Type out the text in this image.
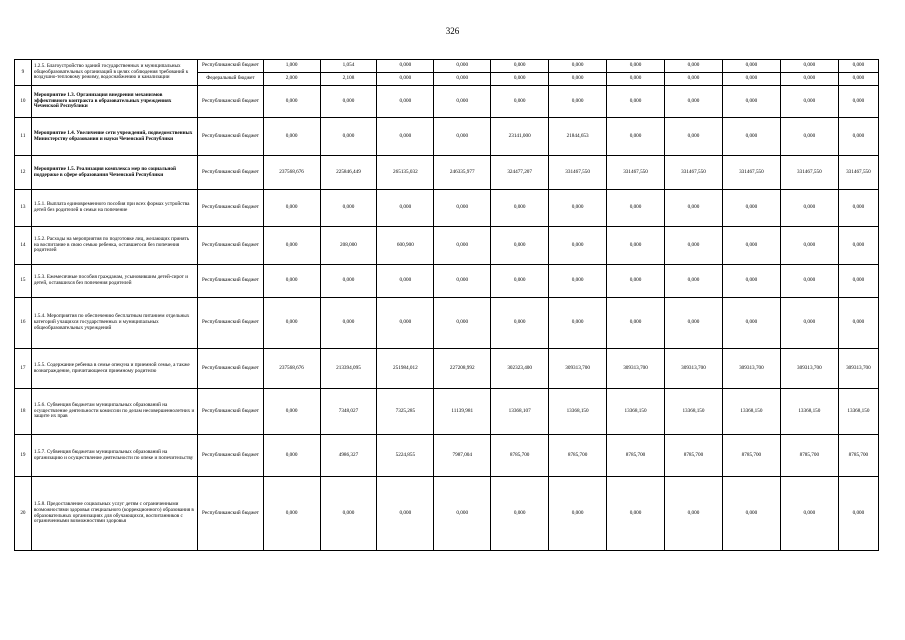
326
9	1.2.5. Благоустройство зданий государственных и муниципальных общеобразовательных организаций в целях соблюдения требований к воздушно-тепловому режиму, водоснабжению и канализации	Республиканский бюджет	1,000	1,054	0,000	0,000	0,000	0,000	0,000	0,000	0,000	0,000	0,000
		Федеральный бюджет	2,000	2,108	0,000	0,000	0,000	0,000	0,000	0,000	0,000	0,000	0,000
10	Мероприятие 1.3. Организация внедрения механизмов эффективного контракта в образовательных учреждениях Чеченской Республики	Республиканский бюджет	0,000	0,000	0,000	0,000	0,000	0,000	0,000	0,000	0,000	0,000	0,000
11	Мероприятие 1.4. Увеличение сети учреждений, подведомственных Министерству образования и науки Чеченской Республики	Республиканский бюджет	0,000	0,000	0,000	0,000	23141,000	21844,653	0,000	0,000	0,000	0,000	0,000
12	Мероприятие 1.5. Реализация комплекса мер по социальной поддержке в сфере образования Чеченской Республики	Республиканский бюджет	237568,676	225846,449	265135,032	246335,977	324477,207	331467,550	331467,550	331467,550	331467,550	331467,550	331467,550
13	1.5.1. Выплата единовременного пособия при всех формах устройства детей без родителей в семьи на попечение	Республиканский бюджет	0,000	0,000	0,000	0,000	0,000	0,000	0,000	0,000	0,000	0,000	0,000
14	1.5.2. Расходы на мероприятия по подготовке лиц, желающих принять на воспитание в свою семью ребенка, оставшегося без попечения родителей	Республиканский бюджет	0,000	208,000	600,900	0,000	0,000	0,000	0,000	0,000	0,000	0,000	0,000
15	1.5.3. Ежемесячные пособия гражданам, усыновившим детей-сирот и детей, оставшихся без попечения родителей	Республиканский бюджет	0,000	0,000	0,000	0,000	0,000	0,000	0,000	0,000	0,000	0,000	0,000
16	1.5.4. Мероприятия по обеспечению бесплатным питанием отдельных категорий учащихся государственных и муниципальных общеобразовательных учреждений	Республиканский бюджет	0,000	0,000	0,000	0,000	0,000	0,000	0,000	0,000	0,000	0,000	0,000
17	1.5.5. Содержание ребенка в семье опекуна и приемной семье, а также вознаграждение, причитающееся приемному родителю	Республиканский бюджет	237568,676	213394,095	251984,012	227208,992	302323,400	309313,700	309313,700	309313,700	309313,700	309313,700	309313,700
18	1.5.6. Субвенция бюджетам муниципальных образований на осуществление деятельности комиссии по делам несовершеннолетних и защите их прав	Республиканский бюджет	0,000	7348,027	7325,285	11139,981	13368,107	13368,150	13368,150	13368,150	13368,150	13368,150	13368,150
19	1.5.7. Субвенция бюджетам муниципальных образований на организацию и осуществление деятельности по опеке и попечительству	Республиканский бюджет	0,000	4986,327	5224,855	7987,004	8785,700	8785,700	8785,700	8785,700	8785,700	8785,700	8785,700
20	1.5.8. Предоставление социальных услуг детям с ограниченными возможностями здоровья специального (коррекционного) образования в образовательных организациях для обучающихся, воспитанников с ограниченными возможностями здоровья	Республиканский бюджет	0,000	0,000	0,000	0,000	0,000	0,000	0,000	0,000	0,000	0,000	0,000
